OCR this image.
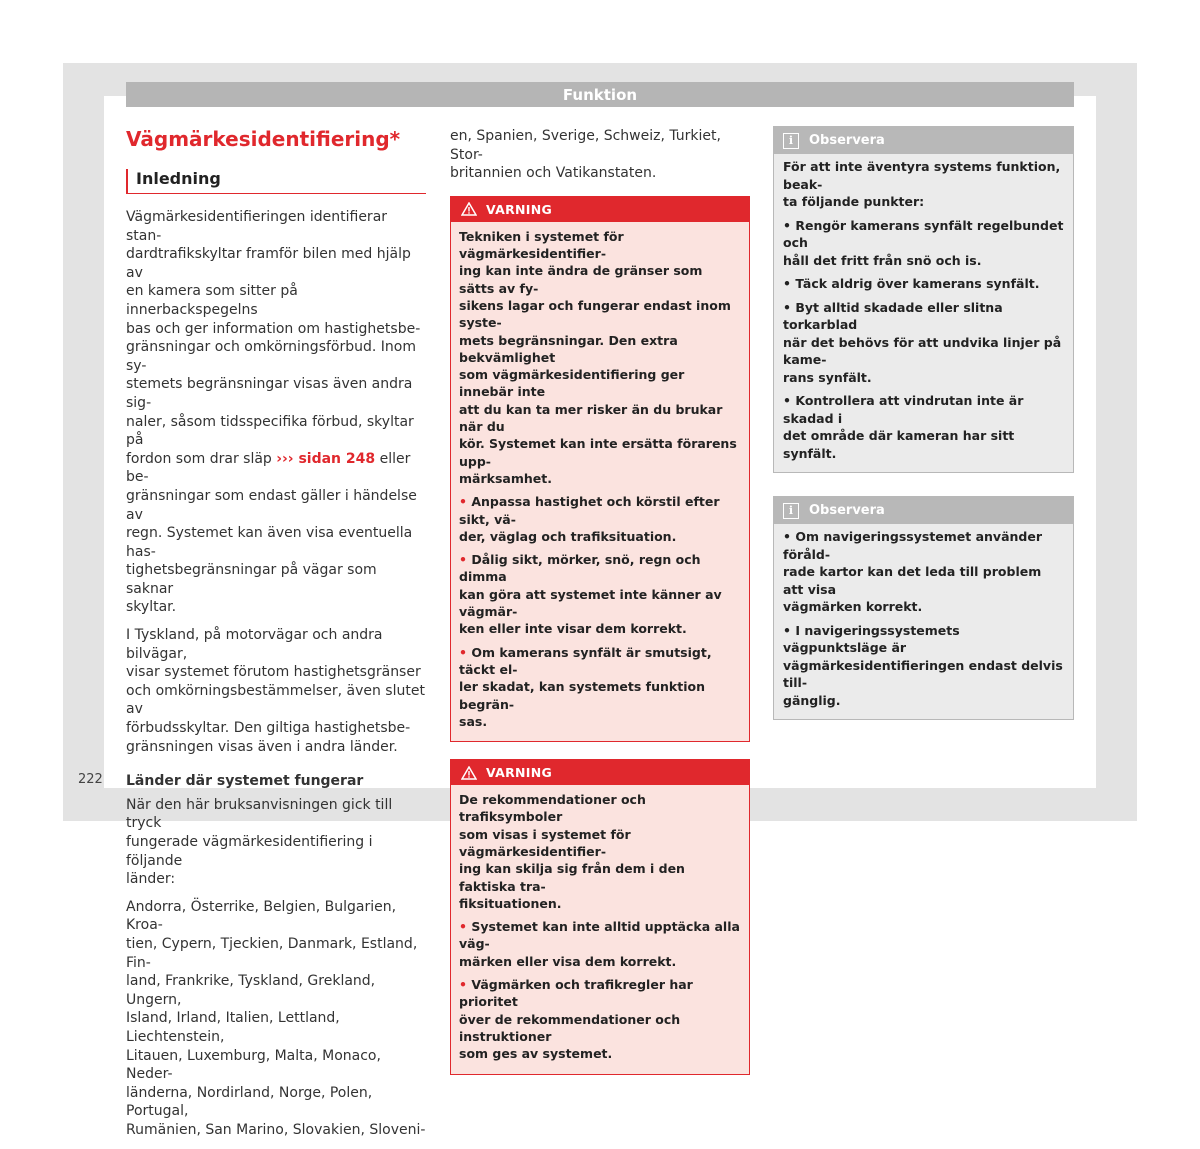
Funktion
222
Vägmärkesidentifiering*
Inledning

Vägmärkesidentifieringen identifierar stan-
dardtrafikskyltar framför bilen med hjälp av
en kamera som sitter på innerbackspegelns
bas och ger information om hastighetsbe-
gränsningar och omkörningsförbud. Inom sy-
stemets begränsningar visas även andra sig-
naler, såsom tidsspecifika förbud, skyltar på
fordon som drar släp ››› sidan 248 eller be-
gränsningar som endast gäller i händelse av
regn. Systemet kan även visa eventuella has-
tighetsbegränsningar på vägar som saknar
skyltar.

I Tyskland, på motorvägar och andra bilvägar,
visar systemet förutom hastighetsgränser
och omkörningsbestämmelser, även slutet av
förbudsskyltar. Den giltiga hastighetsbe-
gränsningen visas även i andra länder.

Länder där systemet fungerar

När den här bruksanvisningen gick till tryck
fungerade vägmärkesidentifiering i följande
länder:

Andorra, Österrike, Belgien, Bulgarien, Kroa-
tien, Cypern, Tjeckien, Danmark, Estland, Fin-
land, Frankrike, Tyskland, Grekland, Ungern,
Island, Irland, Italien, Lettland, Liechtenstein,
Litauen, Luxemburg, Malta, Monaco, Neder-
länderna, Nordirland, Norge, Polen, Portugal,
Rumänien, San Marino, Slovakien, Sloveni-

en, Spanien, Sverige, Schweiz, Turkiet, Stor-
britannien och Vatikanstaten.

VARNING

Tekniken i systemet för vägmärkesidentifier-
ing kan inte ändra de gränser som sätts av fy-
sikens lagar och fungerar endast inom syste-
mets begränsningar. Den extra bekvämlighet
som vägmärkesidentifiering ger innebär inte
att du kan ta mer risker än du brukar när du
kör. Systemet kan inte ersätta förarens upp-
märksamhet.

• Anpassa hastighet och körstil efter sikt, vä-
der, väglag och trafiksituation.

• Dålig sikt, mörker, snö, regn och dimma
kan göra att systemet inte känner av vägmär-
ken eller inte visar dem korrekt.

• Om kamerans synfält är smutsigt, täckt el-
ler skadat, kan systemets funktion begrän-
sas.

VARNING

De rekommendationer och trafiksymboler
som visas i systemet för vägmärkesidentifier-
ing kan skilja sig från dem i den faktiska tra-
fiksituationen.

• Systemet kan inte alltid upptäcka alla väg-
märken eller visa dem korrekt.

• Vägmärken och trafikregler har prioritet
över de rekommendationer och instruktioner
som ges av systemet.

i	Observera

För att inte äventyra systems funktion, beak-
ta följande punkter:

• Rengör kamerans synfält regelbundet och
håll det fritt från snö och is.

• Täck aldrig över kamerans synfält.

• Byt alltid skadade eller slitna torkarblad
när det behövs för att undvika linjer på kame-
rans synfält.

• Kontrollera att vindrutan inte är skadad i
det område där kameran har sitt synfält.

i	Observera

• Om navigeringssystemet använder föråld-
rade kartor kan det leda till problem att visa
vägmärken korrekt.

• I navigeringssystemets vägpunktsläge är
vägmärkesidentifieringen endast delvis till-
gänglig.
